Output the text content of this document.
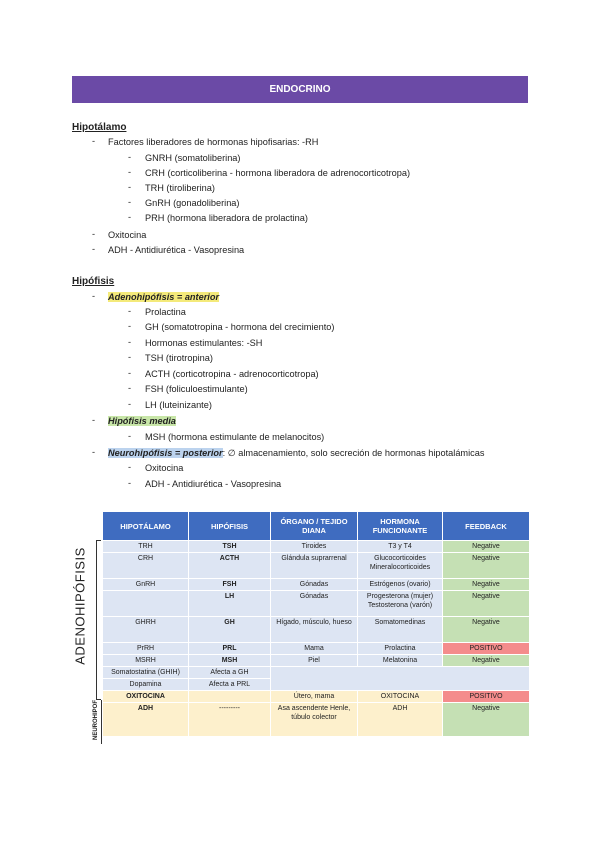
ENDOCRINO
Hipotálamo
- Factores liberadores de hormonas hipofisarias: -RH
- GNRH (somatoliberina)
- CRH (corticoliberina - hormona liberadora de adrenocorticotropa)
- TRH (tiroliberina)
- GnRH (gonadoliberina)
- PRH (hormona liberadora de prolactina)
- Oxitocina
- ADH - Antidiurética - Vasopresina
Hipófisis
- Adenohipófisis = anterior
- Prolactina
- GH (somatotropina - hormona del crecimiento)
- Hormonas estimulantes: -SH
- TSH (tirotropina)
- ACTH (corticotropina - adrenocorticotropa)
- FSH (foliculoestimulante)
- LH (luteinizante)
- Hipófisis media
- MSH (hormona estimulante de melanocitos)
- Neurohipófisis = posterior: ∅ almacenamiento, solo secreción de hormonas hipotalámicas
- Oxitocina
- ADH - Antidiurética - Vasopresina
ADENOHIPÓFISIS
NEUROHIPOF
HIPOTÁLAMO	HIPÓFISIS	ÓRGANO / TEJIDO DIANA	HORMONA FUNCIONANTE	FEEDBACK
TRH	TSH	Tiroides	T3 y T4	Negative
CRH	ACTH	Glándula suprarrenal	Glucocorticoides Mineralocorticoides	Negative
GnRH	FSH	Gónadas	Estrógenos (ovario)	Negative
	LH	Gónadas	Progesterona (mujer) Testosterona (varón)	Negative
GHRH	GH	Hígado, músculo, hueso	Somatomedinas	Negative
PrRH	PRL	Mama	Prolactina	POSITIVO
MSRH	MSH	Piel	Melatonina	Negative
Somatostatina (GHIH)	Afecta a GH			
Dopamina	Afecta a PRL			
OXITOCINA		Útero, mama	OXITOCINA	POSITIVO
ADH	---------	Asa ascendente Henle, túbulo colector	ADH	Negative
